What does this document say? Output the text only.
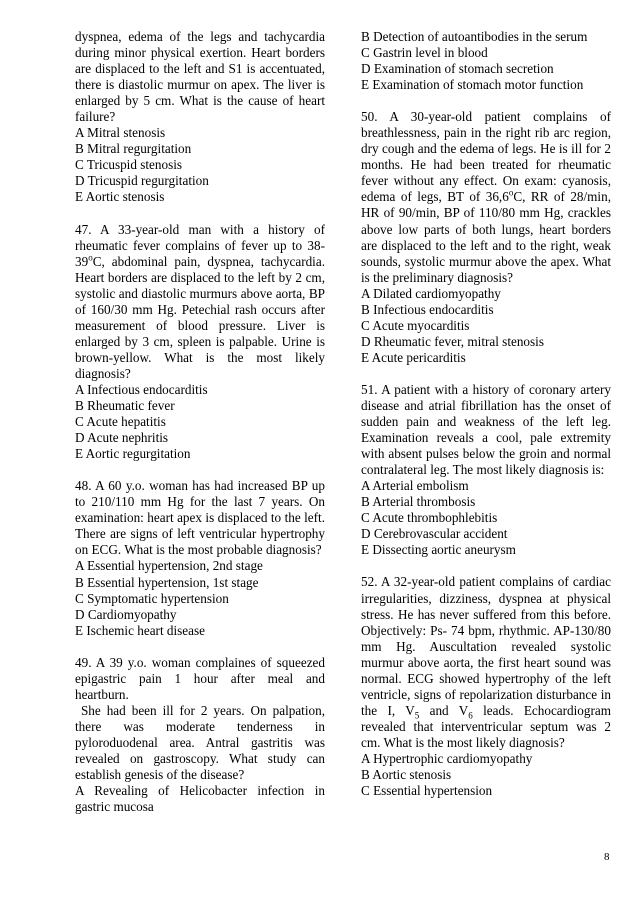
dyspnea, edema of the legs and tachycardia during minor physical exertion. Heart borders are displaced to the left and S1 is accentuated, there is diastolic murmur on apex. The liver is enlarged by 5 cm. What is the cause of heart failure?

A Mitral stenosis

B Mitral regurgitation

C Tricuspid stenosis

D Tricuspid regurgitation

E Aortic stenosis

47. A 33-year-old man with a history of rheumatic fever complains of fever up to 38-39$^o$C, abdominal pain, dyspnea, tachycardia. Heart borders are displaced to the left by 2 cm, systolic and diastolic murmurs above aorta, BP of 160/30 mm Hg. Petechial rash occurs after measurement of blood pressure. Liver is enlarged by 3 cm, spleen is palpable. Urine is brown-yellow. What is the most likely diagnosis?

A Infectious endocarditis

B Rheumatic fever

C Acute hepatitis

D Acute nephritis

E Aortic regurgitation

48. A 60 y.o. woman has had increased BP up to 210/110 mm Hg for the last 7 years. On examination: heart apex is displaced to the left. There are signs of left ventricular hypertrophy on ECG. What is the most probable diagnosis?

A Essential hypertension, 2nd stage

B Essential hypertension, 1st stage

C Symptomatic hypertension

D Cardiomyopathy

E Ischemic heart disease

49. A 39 y.o. woman complaines of squeezed epigastric pain 1 hour after meal and heartburn.

She had been ill for 2 years. On palpation, there was moderate tenderness in pyloroduodenal area. Antral gastritis was revealed on gastroscopy. What study can establish genesis of the disease?

A Revealing of Helicobacter infection in gastric mucosa

B Detection of autoantibodies in the serum

C Gastrin level in blood

D Examination of stomach secretion

E Examination of stomach motor function

50. A 30-year-old patient complains of breathlessness, pain in the right rib arc region, dry cough and the edema of legs. He is ill for 2 months. He had been treated for rheumatic fever without any effect. On exam: cyanosis, edema of legs, BT of 36,6$^o$C, RR of 28/min, HR of 90/min, BP of 110/80 mm Hg, crackles above low parts of both lungs, heart borders are displaced to the left and to the right, weak sounds, systolic murmur above the apex. What is the preliminary diagnosis?

A Dilated cardiomyopathy

B Infectious endocarditis

C Acute myocarditis

D Rheumatic fever, mitral stenosis

E Acute pericarditis

51. A patient with a history of coronary artery disease and atrial fibrillation has the onset of sudden pain and weakness of the left leg. Examination reveals a cool, pale extremity with absent pulses below the groin and normal contralateral leg. The most likely diagnosis is:

A Arterial embolism

B Arterial thrombosis

C Acute thrombophlebitis

D Cerebrovascular accident

E Dissecting aortic aneurysm

52. A 32-year-old patient complains of cardiac irregularities, dizziness, dyspnea at physical stress. He has never suffered from this before. Objectively: Ps- 74 bpm, rhythmic. AP-130/80 mm Hg. Auscultation revealed systolic murmur above aorta, the first heart sound was normal. ECG showed hypertrophy of the left ventricle, signs of repolarization disturbance in the I, $V_5$ and $V_6$ leads. Echocardiogram revealed that interventricular septum was 2 cm. What is the most likely diagnosis?

A Hypertrophic cardiomyopathy

B Aortic stenosis

C Essential hypertension

8
